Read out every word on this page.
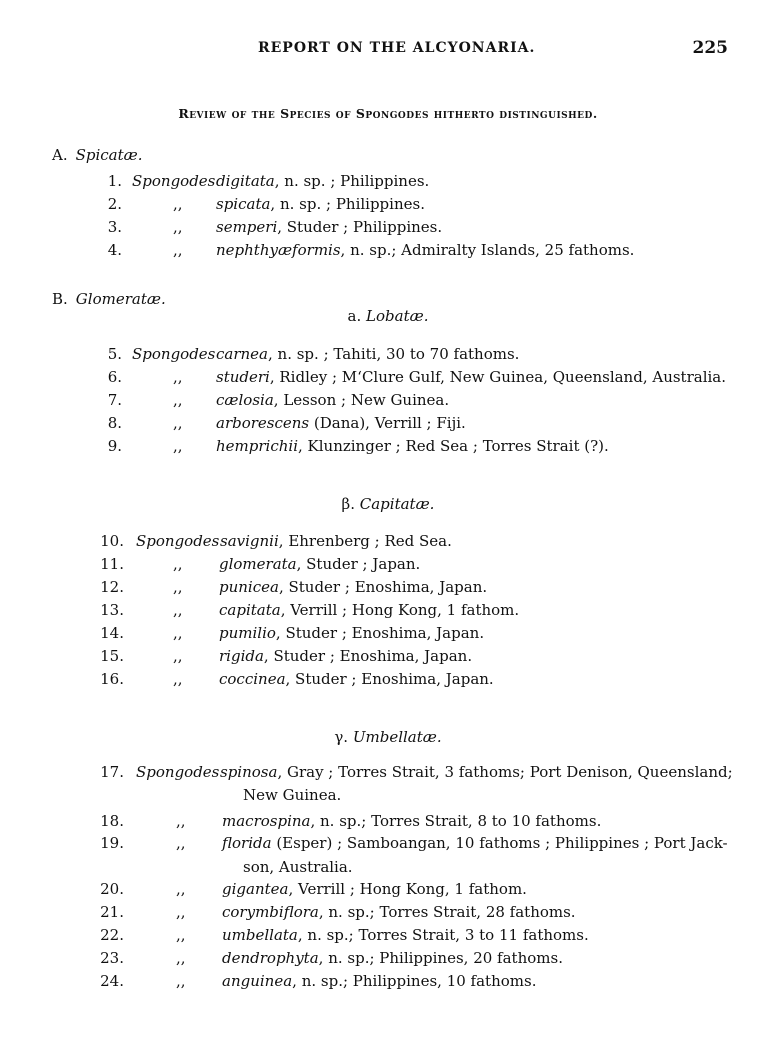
REPORT ON THE ALCYONARIA.	225
Review of the Species of Spongodes hitherto distinguished.
A. Spicatæ.
B. Glomeratæ.
a. Lobatæ.
β. Capitatæ.
γ. Umbellatæ.
1. Spongodes digitata, n. sp. ; Philippines.
2.	,, spicata, n. sp. ; Philippines.
3.	,, semperi, Studer ; Philippines.
4.	,, nephthyæformis, n. sp.; Admiralty Islands, 25 fathoms.
5. Spongodes carnea, n. sp. ; Tahiti, 30 to 70 fathoms.
6.	,, studeri, Ridley ; M‘Clure Gulf, New Guinea, Queensland, Australia.
7.	,, cælosia, Lesson ; New Guinea.
8.	,, arborescens (Dana), Verrill ; Fiji.
9.	,, hemprichii, Klunzinger ; Red Sea ; Torres Strait (?).
10. Spongodes savignii, Ehrenberg ; Red Sea.
11.	,, glomerata, Studer ; Japan.
12.	,, puniceа, Studer ; Enoshima, Japan.
13.	,, capitata, Verrill ; Hong Kong, 1 fathom.
14.	,, pumilio, Studer ; Enoshima, Japan.
15.	,, rigida, Studer ; Enoshima, Japan.
16.	,, coccinea, Studer ; Enoshima, Japan.
17. Spongodes spinosa, Gray ; Torres Strait, 3 fathoms; Port Denison, Queensland;
New Guinea.
18.	,, macrospina, n. sp.; Torres Strait, 8 to 10 fathoms.
19.	,, florida (Esper) ; Samboangan, 10 fathoms ; Philippines ; Port Jack-
son, Australia.
20.	,, gigantea, Verrill ; Hong Kong, 1 fathom.
21.	,, corymbiflora, n. sp.; Torres Strait, 28 fathoms.
22.	,, umbellata, n. sp.; Torres Strait, 3 to 11 fathoms.
23.	,, dendrophyta, n. sp.; Philippines, 20 fathoms.
24.	,, anguinea, n. sp.; Philippines, 10 fathoms.
